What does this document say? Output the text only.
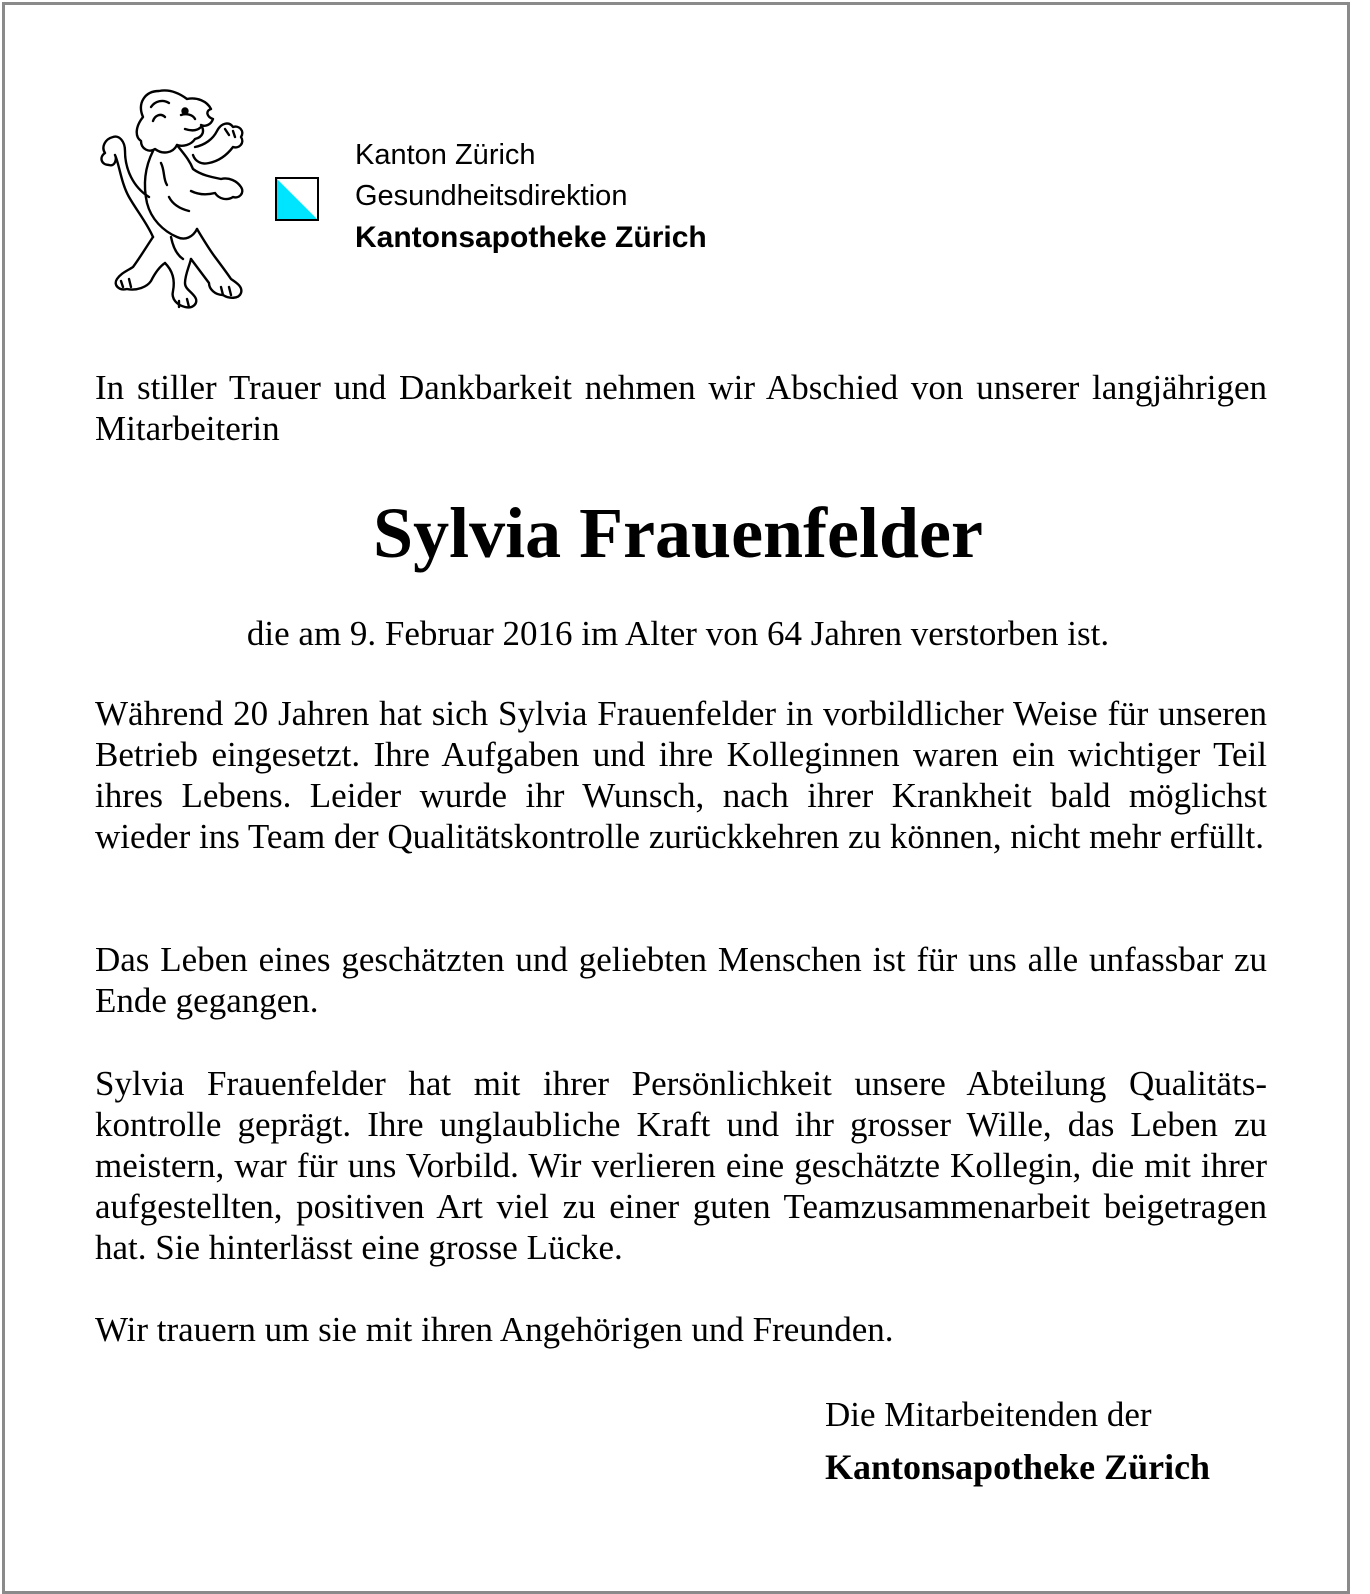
Kanton Zürich
Gesundheitsdirektion
Kantonsapotheke Zürich
In stiller Trauer und Dankbarkeit nehmen wir Abschied von unserer langjährigen Mitarbeiterin
Sylvia Frauenfelder
die am 9. Februar 2016 im Alter von 64 Jahren verstorben ist.
Während 20 Jahren hat sich Sylvia Frauenfelder in vorbildlicher Weise für unseren Betrieb eingesetzt. Ihre Aufgaben und ihre Kolleginnen waren ein wichtiger Teil ihres Lebens. Leider wurde ihr Wunsch, nach ihrer Krankheit bald möglichst wieder ins Team der Qualitätskontrolle zurückkehren zu können, nicht mehr erfüllt.
Das Leben eines geschätzten und geliebten Menschen ist für uns alle unfassbar zu Ende gegangen.
Sylvia Frauenfelder hat mit ihrer Persönlichkeit unsere Abteilung Qualitätskontrolle geprägt. Ihre unglaubliche Kraft und ihr grosser Wille, das Leben zu meistern, war für uns Vorbild. Wir verlieren eine geschätzte Kollegin, die mit ihrer aufgestellten, positiven Art viel zu einer guten Teamzusammenarbeit beigetragen hat. Sie hinterlässt eine grosse Lücke.
Wir trauern um sie mit ihren Angehörigen und Freunden.
Die Mitarbeitenden der
Kantonsapotheke Zürich
